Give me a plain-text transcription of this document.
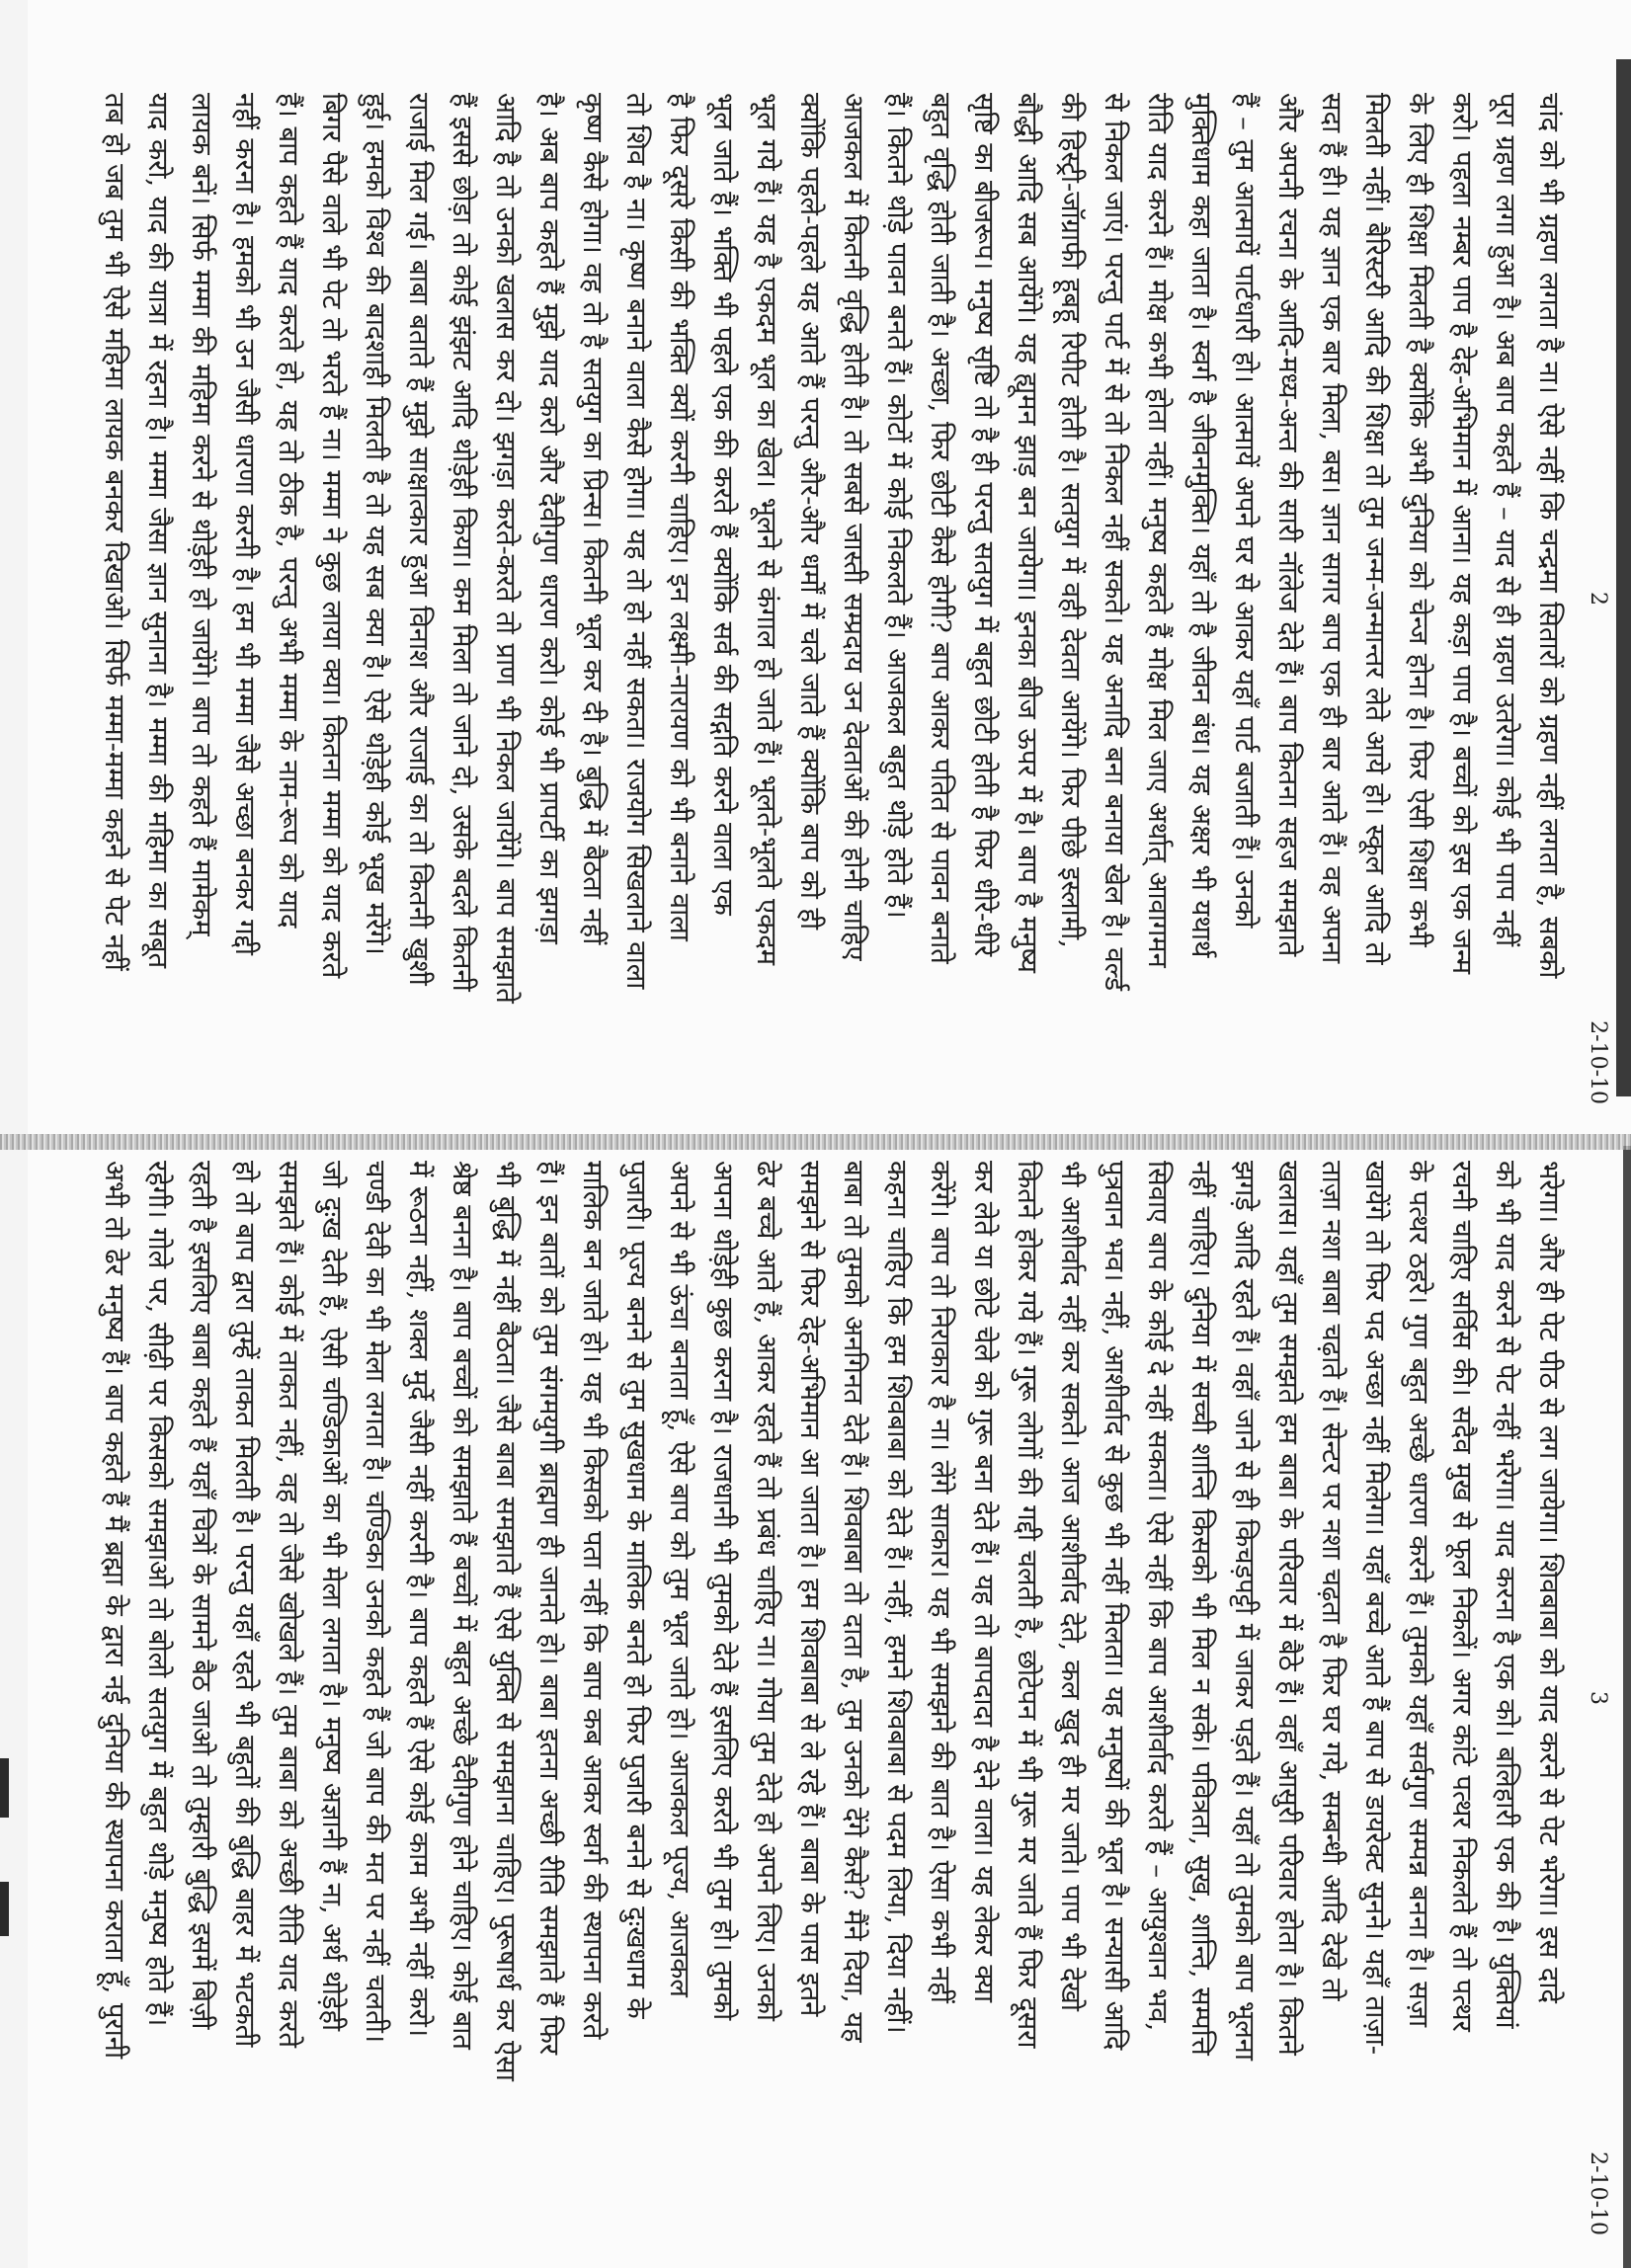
2
2-10-10
चांद को भी ग्रहण लगता है ना। ऐसे नहीं कि चन्द्रमा सितारों को ग्रहण नहीं लगता है, सबको
पूरा ग्रहण लगा हुआ है। अब बाप कहते हैं – याद से ही ग्रहण उतरेगा। कोई भी पाप नहीं
करो। पहला नम्बर पाप है देह-अभिमान में आना। यह कड़ा पाप है। बच्चों को इस एक जन्म
के लिए ही शिक्षा मिलती है क्योंकि अभी दुनिया को चेन्ज होना है। फिर ऐसी शिक्षा कभी
मिलती नहीं। बैरिस्टरी आदि की शिक्षा तो तुम जन्म-जन्मान्तर लेते आये हो। स्कूल आदि तो
सदा हैं ही। यह ज्ञान एक बार मिला, बस। ज्ञान सागर बाप एक ही बार आते हैं। वह अपना
और अपनी रचना के आदि-मध्य-अन्त की सारी नॉलेज देते हैं। बाप कितना सहज समझाते
हैं – तुम आत्मायें पार्टधारी हो। आत्मायें अपने घर से आकर यहाँ पार्ट बजाती हैं। उनको
मुक्तिधाम कहा जाता है। स्वर्ग है जीवनमुक्ति। यहाँ तो है जीवन बंध। यह अक्षर भी यथार्थ
रीति याद करने हैं। मोक्ष कभी होता नहीं। मनुष्य कहते हैं मोक्ष मिल जाए अर्थात् आवागमन
से निकल जाएं। परन्तु पार्ट में से तो निकल नहीं सकते। यह अनादि बना बनाया खेल है। वर्ल्ड
की हिस्ट्री-जॉग्राफी हूबहू रिपीट होती है। सतयुग में वही देवता आयेंगे। फिर पीछे इस्लामी,
बौद्धी आदि सब आयेंगे। यह ह्यूमन झाड़ बन जायेगा। इनका बीज ऊपर में है। बाप है मनुष्य
सृष्टि का बीजरूप। मनुष्य सृष्टि तो है ही परन्तु सतयुग में बहुत छोटी होती है फिर धीरे-धीरे
बहुत वृद्धि होती जाती है। अच्छा, फिर छोटी कैसे होगी? बाप आकर पतित से पावन बनाते
हैं। कितने थोड़े पावन बनते हैं। कोटों में कोई निकलते हैं। आजकल बहुत थोड़े होते हैं।
आजकल में कितनी वृद्धि होती है। तो सबसे जास्ती सम्प्रदाय उन देवताओं की होनी चाहिए
क्योंकि पहले-पहले यह आते हैं परन्तु और-और धर्मों में चले जाते हैं क्योंकि बाप को ही
भूल गये हैं। यह है एकदम भूल का खेल। भूलने से कंगाल हो जाते हैं। भूलते-भूलते एकदम
भूल जाते हैं। भक्ति भी पहले एक की करते हैं क्योंकि सर्व की सद्गति करने वाला एक
है फिर दूसरे किसी की भक्ति क्यों करनी चाहिए। इन लक्ष्मी-नारायण को भी बनाने वाला
तो शिव है ना। कृष्ण बनाने वाला कैसे होगा। यह तो हो नहीं सकता। राजयोग सिखलाने वाला
कृष्ण कैसे होगा। वह तो है सतयुग का प्रिन्स। कितनी भूल कर दी है। बुद्धि में बैठता नहीं
है। अब बाप कहते हैं मुझे याद करो और दैवीगुण धारण करो। कोई भी प्रापर्टी का झगड़ा
आदि है तो उनको खलास कर दो। झगड़ा करते-करते तो प्राण भी निकल जायेंगे। बाप समझाते
हैं इससे छोड़ा तो कोई झंझट आदि थोड़ेही किया। कम मिला तो जाने दो, उसके बदले कितनी
राजाई मिल गई। बाबा बताते हैं मुझे साक्षात्कार हुआ विनाश और राजाई का तो कितनी खुशी
हुई। हमको विश्व की बादशाही मिलती है तो यह सब क्या है। ऐसे थोड़ेही कोई भूख मरेंगे।
बिगर पैसे वाले भी पेट तो भरते हैं ना। मम्मा ने कुछ लाया क्या। कितना मम्मा को याद करते
हैं। बाप कहते हैं याद करते हो, यह तो ठीक है, परन्तु अभी मम्मा के नाम-रूप को याद
नहीं करना है। हमको भी उन जैसी धारणा करनी है। हम भी मम्मा जैसे अच्छा बनकर गद्दी
लायक बनें। सिर्फ मम्मा की महिमा करने से थोड़ेही हो जायेंगे। बाप तो कहते हैं मामेकम्
याद करो, याद की यात्रा में रहना है। मम्मा जैसा ज्ञान सुनाना है। मम्मा की महिमा का सबूत
तब हो जब तुम भी ऐसे महिमा लायक बनकर दिखाओ। सिर्फ मम्मा-मम्मा कहने से पेट नहीं
3
2-10-10
भरेगा। और ही पेट पीठ से लग जायेगा। शिवबाबा को याद करने से पेट भरेगा। इस दादे
को भी याद करने से पेट नहीं भरेगा। याद करना है एक को। बलिहारी एक की है। युक्तियां
रचनी चाहिए सर्विस की। सदैव मुख से फूल निकलें। अगर कांटे पत्थर निकलते हैं तो पत्थर
के पत्थर ठहरे। गुण बहुत अच्छे धारण करने हैं। तुमको यहाँ सर्वगुण सम्पन्न बनना है। सज़ा
खायेंगे तो फिर पद अच्छा नहीं मिलेगा। यहाँ बच्चे आते हैं बाप से डायरेक्ट सुनने। यहाँ ताज़ा-
ताज़ा नशा बाबा चढ़ाते हैं। सेन्टर पर नशा चढ़ता है फिर घर गये, सम्बन्धी आदि देखे तो
खलास। यहाँ तुम समझते हम बाबा के परिवार में बैठे हैं। वहाँ आसुरी परिवार होता है। कितने
झगड़े आदि रहते हैं। वहाँ जाने से ही किचड़पट्टी में जाकर पड़ते हैं। यहाँ तो तुमको बाप भूलना
नहीं चाहिए। दुनिया में सच्ची शान्ति किसको भी मिल न सके। पवित्रता, सुख, शान्ति, सम्पत्ति
सिवाए बाप के कोई दे नहीं सकता। ऐसे नहीं कि बाप आशीर्वाद करते हैं – आयुश्वान भव,
पुत्रवान भव। नहीं, आशीर्वाद से कुछ भी नहीं मिलता। यह मनुष्यों की भूल है। सन्यासी आदि
भी आशीर्वाद नहीं कर सकते। आज आशीर्वाद देते, कल खुद ही मर जाते। पाप भी देखो
कितने होकर गये हैं। गुरू लोगों की गद्दी चलती है, छोटेपन में भी गुरू मर जाते हैं फिर दूसरा
कर लेते या छोटे चेले को गुरू बना देते हैं। यह तो बापदादा है देने वाला। यह लेकर क्या
करेंगे। बाप तो निराकार है ना। लेंगे साकार। यह भी समझने की बात है। ऐसा कभी नहीं
कहना चाहिए कि हम शिवबाबा को देते हैं। नहीं, हमने शिवबाबा से पदम लिया, दिया नहीं।
बाबा तो तुमको अनगिनत देते हैं। शिवबाबा तो दाता है, तुम उनको देंगे कैसे? मैंने दिया, यह
समझने से फिर देह-अभिमान आ जाता है। हम शिवबाबा से ले रहे हैं। बाबा के पास इतने
ढेर बच्चे आते हैं, आकर रहते हैं तो प्रबंध चाहिए ना। गोया तुम देते हो अपने लिए। उनको
अपना थोड़ेही कुछ करना है। राजधानी भी तुमको देते हैं इसलिए करते भी तुम हो। तुमको
अपने से भी ऊंचा बनाता हूँ, ऐसे बाप को तुम भूल जाते हो। आजकल पूज्य, आजकल
पुजारी। पूज्य बनने से तुम सुखधाम के मालिक बनते हो फिर पुजारी बनने से दुःखधाम के
मालिक बन जाते हो। यह भी किसको पता नहीं कि बाप कब आकर स्वर्ग की स्थापना करते
हैं। इन बातों को तुम संगमयुगी ब्राह्मण ही जानते हो। बाबा इतना अच्छी रीति समझाते हैं फिर
भी बुद्धि में नहीं बैठता। जैसे बाबा समझाते हैं ऐसे युक्ति से समझाना चाहिए। पुरूषार्थ कर ऐसा
श्रेष्ठ बनना है। बाप बच्चों को समझाते हैं बच्चों में बहुत अच्छे दैवीगुण होने चाहिए। कोई बात
में रूठना नहीं, शक्ल मुर्दे जैसी नहीं करनी है। बाप कहते हैं ऐसे कोई काम अभी नहीं करो।
चण्डी देवी का भी मेला लगता है। चण्डिका उनको कहते हैं जो बाप की मत पर नहीं चलती।
जो दुःख देती हैं, ऐसी चण्डिकाओं का भी मेला लगता है। मनुष्य अज्ञानी हैं ना, अर्थ थोड़ेही
समझते हैं। कोई में ताकत नहीं, वह तो जैसे खोखले हैं। तुम बाबा को अच्छी रीति याद करते
हो तो बाप द्वारा तुम्हें ताकत मिलती है। परन्तु यहाँ रहते भी बहुतों की बुद्धि बाहर में भटकती
रहती है इसलिए बाबा कहते हैं यहाँ चित्रों के सामने बैठ जाओ तो तुम्हारी बुद्धि इसमें बिज़ी
रहेगी। गोले पर, सीढ़ी पर किसको समझाओ तो बोलो सतयुग में बहुत थोड़े मनुष्य होते हैं।
अभी तो ढेर मनुष्य हैं। बाप कहते हैं मैं ब्रह्मा के द्वारा नई दुनिया की स्थापना कराता हूँ, पुरानी
